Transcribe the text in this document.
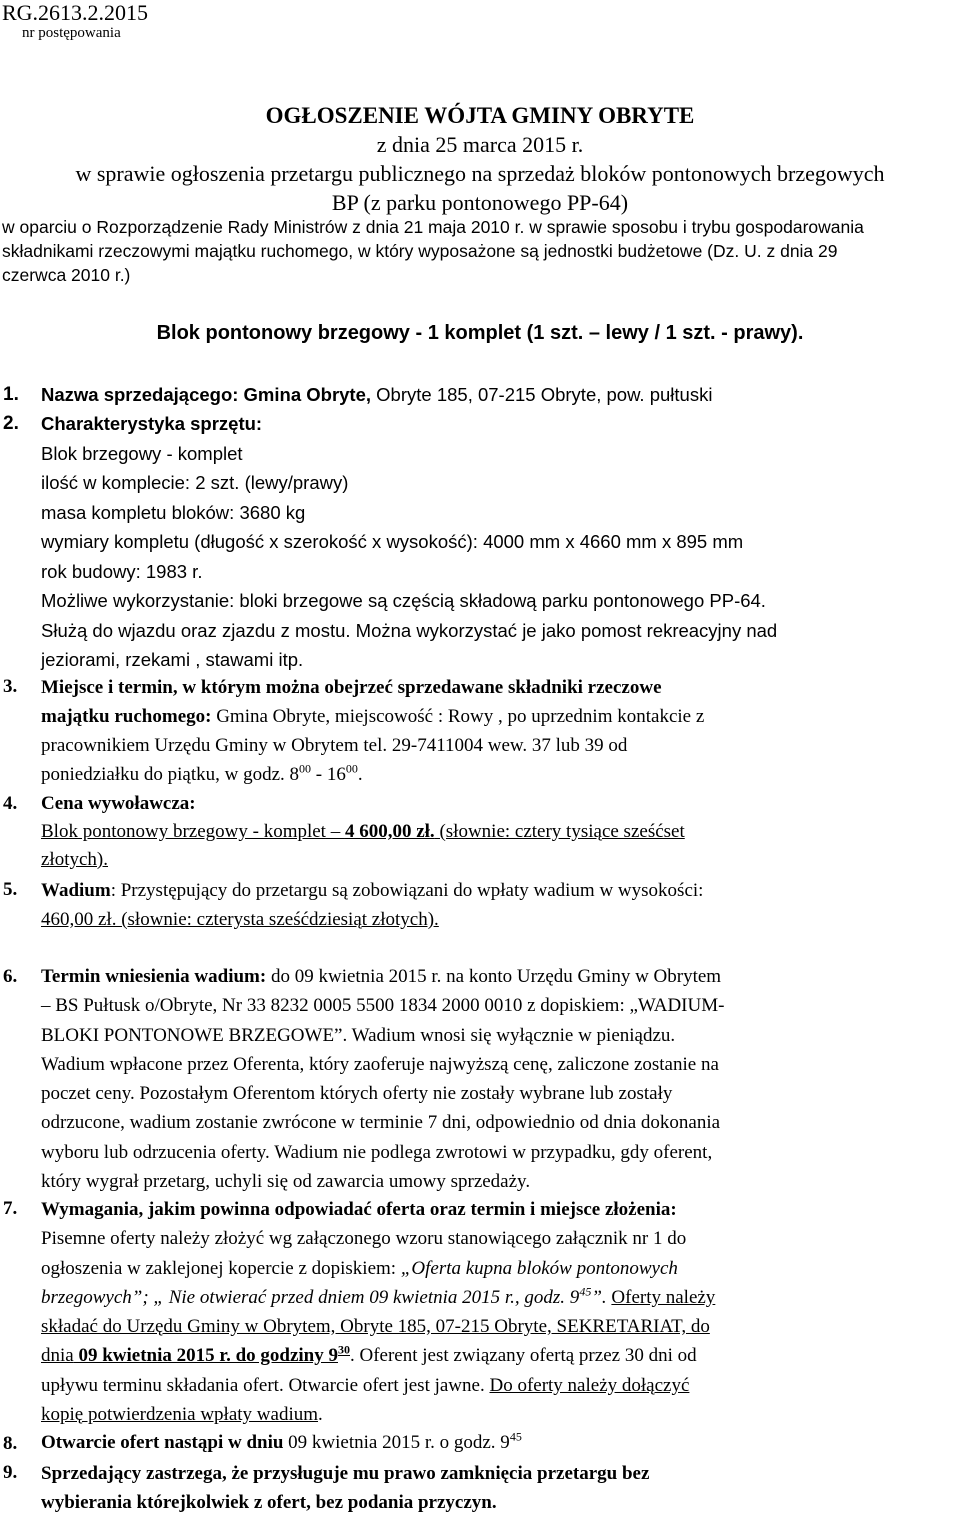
RG.2613.2.2015
nr postępowania
OGŁOSZENIE WÓJTA GMINY OBRYTE
z dnia 25 marca 2015 r.
w sprawie ogłoszenia przetargu publicznego na sprzedaż bloków pontonowych brzegowych
BP (z parku pontonowego PP-64)
w oparciu o Rozporządzenie Rady Ministrów z dnia 21 maja 2010 r. w sprawie sposobu i trybu gospodarowania
składnikami rzeczowymi majątku ruchomego, w który wyposażone są jednostki budżetowe (Dz. U. z dnia 29
czerwca 2010 r.)
Blok pontonowy brzegowy - 1 komplet (1 szt. – lewy / 1 szt. - prawy).
1. Nazwa sprzedającego: Gmina Obryte, Obryte 185, 07-215 Obryte, pow. pułtuski
2. Charakterystyka sprzętu:
Blok brzegowy - komplet
ilość w komplecie: 2 szt. (lewy/prawy)
masa kompletu bloków: 3680 kg
wymiary kompletu (długość x szerokość x wysokość): 4000 mm x 4660 mm x 895 mm
rok budowy: 1983 r.
Możliwe wykorzystanie: bloki brzegowe są częścią składową parku pontonowego PP-64.
Służą do wjazdu oraz zjazdu z mostu. Można wykorzystać je jako pomost rekreacyjny nad
jeziorami, rzekami , stawami itp.
3. Miejsce i termin, w którym można obejrzeć sprzedawane składniki rzeczowe
majątku ruchomego: Gmina Obryte, miejscowość : Rowy , po uprzednim kontakcie z
pracownikiem Urzędu Gminy w Obrytem tel. 29-7411004 wew. 37 lub 39 od
poniedziałku do piątku, w godz. $8^{00} - 16^{00}$.
4. Cena wywoławcza:
Blok pontonowy brzegowy - komplet – 4 600,00 zł. (słownie: cztery tysiące sześćset
złotych).
5. Wadium: Przystępujący do przetargu są zobowiązani do wpłaty wadium w wysokości:
460,00 zł. (słownie: czterysta sześćdziesiąt złotych).
6. Termin wniesienia wadium: do 09 kwietnia 2015 r. na konto Urzędu Gminy w Obrytem
– BS Pułtusk o/Obryte, Nr 33 8232 0005 5500 1834 2000 0010 z dopiskiem: „WADIUM-
BLOKI PONTONOWE BRZEGOWE”. Wadium wnosi się wyłącznie w pieniądzu.
Wadium wpłacone przez Oferenta, który zaoferuje najwyższą cenę, zaliczone zostanie na
poczet ceny. Pozostałym Oferentom których oferty nie zostały wybrane lub zostały
odrzucone, wadium zostanie zwrócone w terminie 7 dni, odpowiednio od dnia dokonania
wyboru lub odrzucenia oferty. Wadium nie podlega zwrotowi w przypadku, gdy oferent,
który wygrał przetarg, uchyli się od zawarcia umowy sprzedaży.
7. Wymagania, jakim powinna odpowiadać oferta oraz termin i miejsce złożenia:
Pisemne oferty należy złożyć wg załączonego wzoru stanowiącego załącznik nr 1 do
ogłoszenia w zaklejonej kopercie z dopiskiem: „Oferta kupna bloków pontonowych
brzegowych”; „ Nie otwierać przed dniem 09 kwietnia 2015 r., godz. $9^{45}$”. Oferty należy
składać do Urzędu Gminy w Obrytem, Obryte 185, 07-215 Obryte, SEKRETARIAT, do
dnia 09 kwietnia 2015 r. do godziny $9^{30}$. Oferent jest związany ofertą przez 30 dni od
upływu terminu składania ofert. Otwarcie ofert jest jawne. Do oferty należy dołączyć
kopię potwierdzenia wpłaty wadium.
8. Otwarcie ofert nastąpi w dniu 09 kwietnia 2015 r. o godz. $9^{45}$
9. Sprzedający zastrzega, że przysługuje mu prawo zamknięcia przetargu bez
wybierania którejkolwiek z ofert, bez podania przyczyn.
